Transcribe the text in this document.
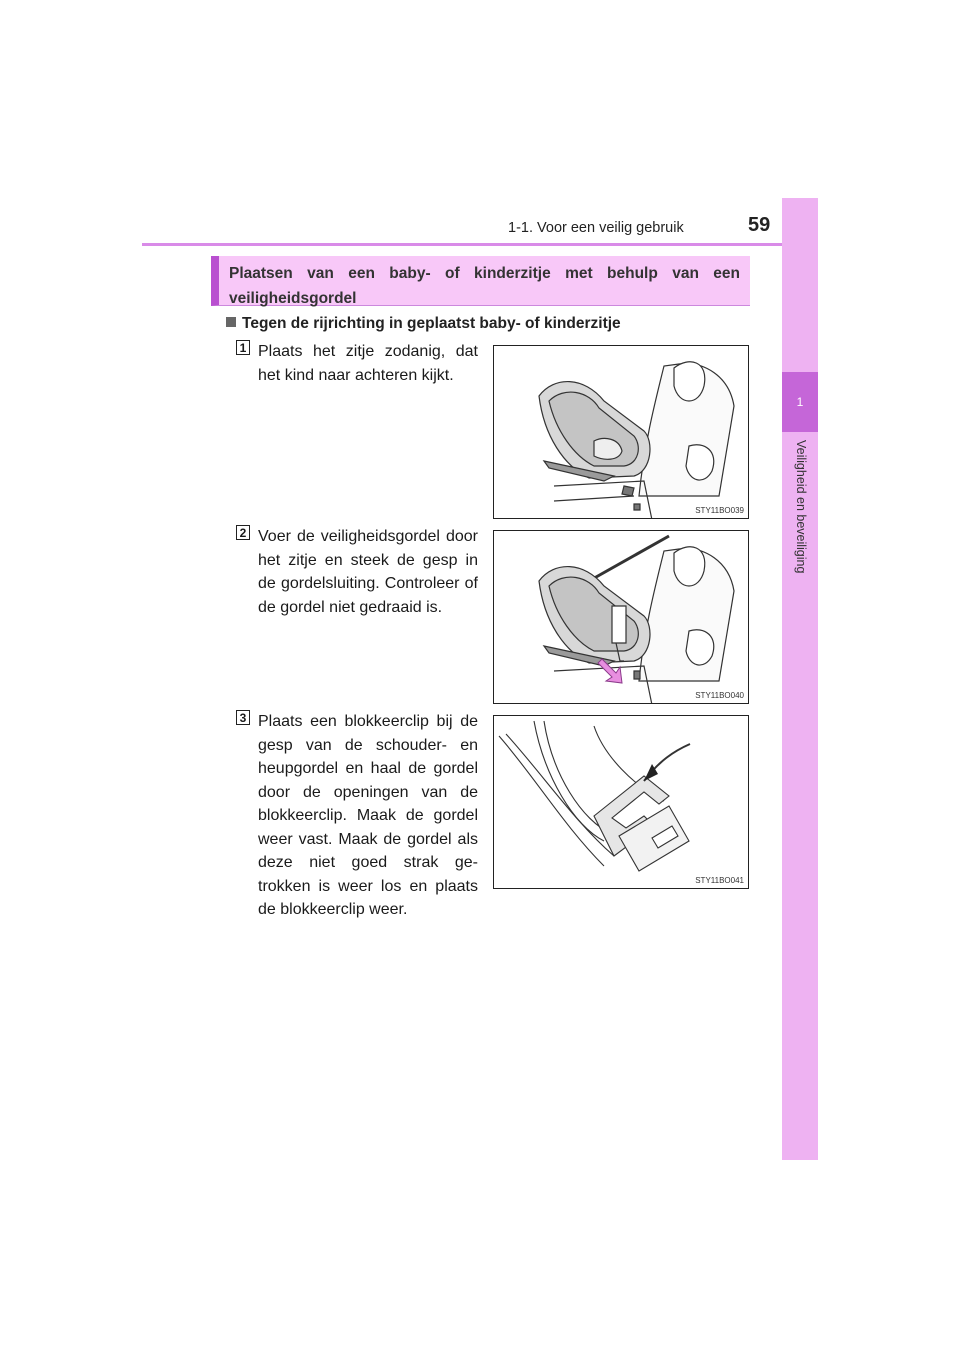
1-1. Voor een veilig gebruik	59
1
Veiligheid en beveiliging
Plaatsen van een baby- of kinderzitje met behulp van een veiligheidsgordel
Tegen de rijrichting in geplaatst baby- of kinderzitje
1 Plaats het zitje zodanig, dat het kind naar achteren kijkt.
STY11BO039
2 Voer de veiligheidsgordel door het zitje en steek de gesp in de gordelsluiting. Controleer of de gordel niet gedraaid is.
STY11BO040
3 Plaats een blokkeerclip bij de gesp van de schouder- en heupgordel en haal de gordel door de openingen van de blokkeerclip. Maak de gordel weer vast. Maak de gordel als deze niet goed strak ge-trokken is weer los en plaats de blokkeerclip weer.
STY11BO041
